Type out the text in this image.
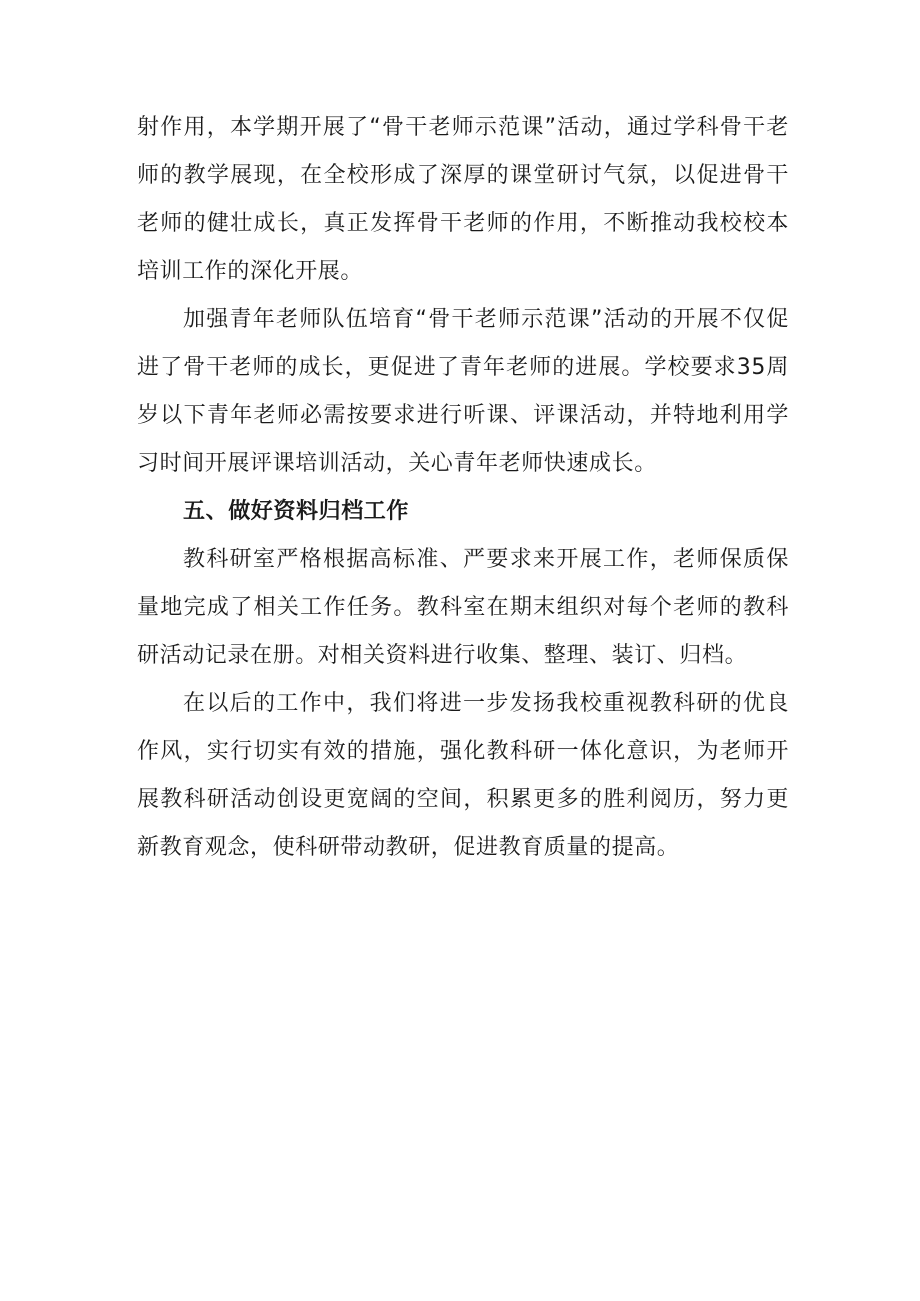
射作用，本学期开展了“骨干老师示范课”活动，通过学科骨干老师的教学展现，在全校形成了深厚的课堂研讨气氛，以促进骨干老师的健壮成长，真正发挥骨干老师的作用，不断推动我校校本培训工作的深化开展。

加强青年老师队伍培育“骨干老师示范课”活动的开展不仅促进了骨干老师的成长，更促进了青年老师的进展。学校要求35周岁以下青年老师必需按要求进行听课、评课活动，并特地利用学习时间开展评课培训活动，关心青年老师快速成长。

五、做好资料归档工作

教科研室严格根据高标准、严要求来开展工作，老师保质保量地完成了相关工作任务。教科室在期末组织对每个老师的教科研活动记录在册。对相关资料进行收集、整理、装订、归档。

在以后的工作中，我们将进一步发扬我校重视教科研的优良作风，实行切实有效的措施，强化教科研一体化意识，为老师开展教科研活动创设更宽阔的空间，积累更多的胜利阅历，努力更新教育观念，使科研带动教研，促进教育质量的提高。
